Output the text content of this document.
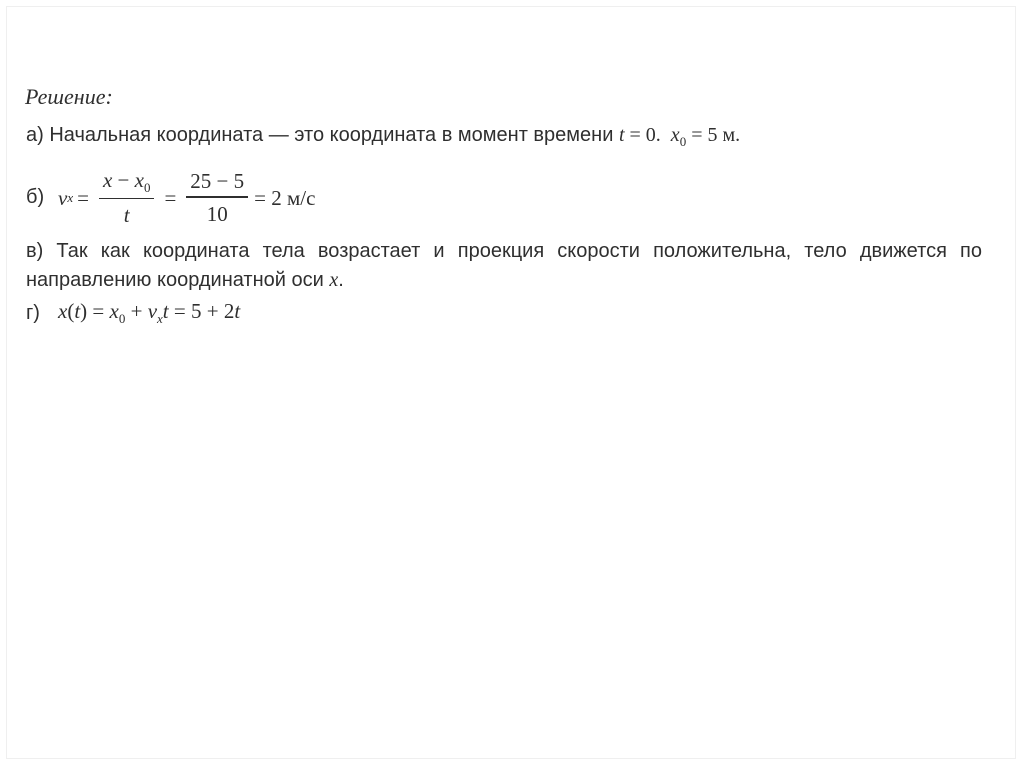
Решение:
а) Начальная координата — это координата в момент времени t = 0. $x_0 = 5$ м.
б) v $x = \frac{x - x_0}{t} = \frac{25 - 5}{10} = 2$ м/с
в) Так как координата тела возрастает и проекция скорости положительна, тело движется по направлению координатной оси x.
г) $x(t) = x_0 + v_xt = 5 + 2t$
